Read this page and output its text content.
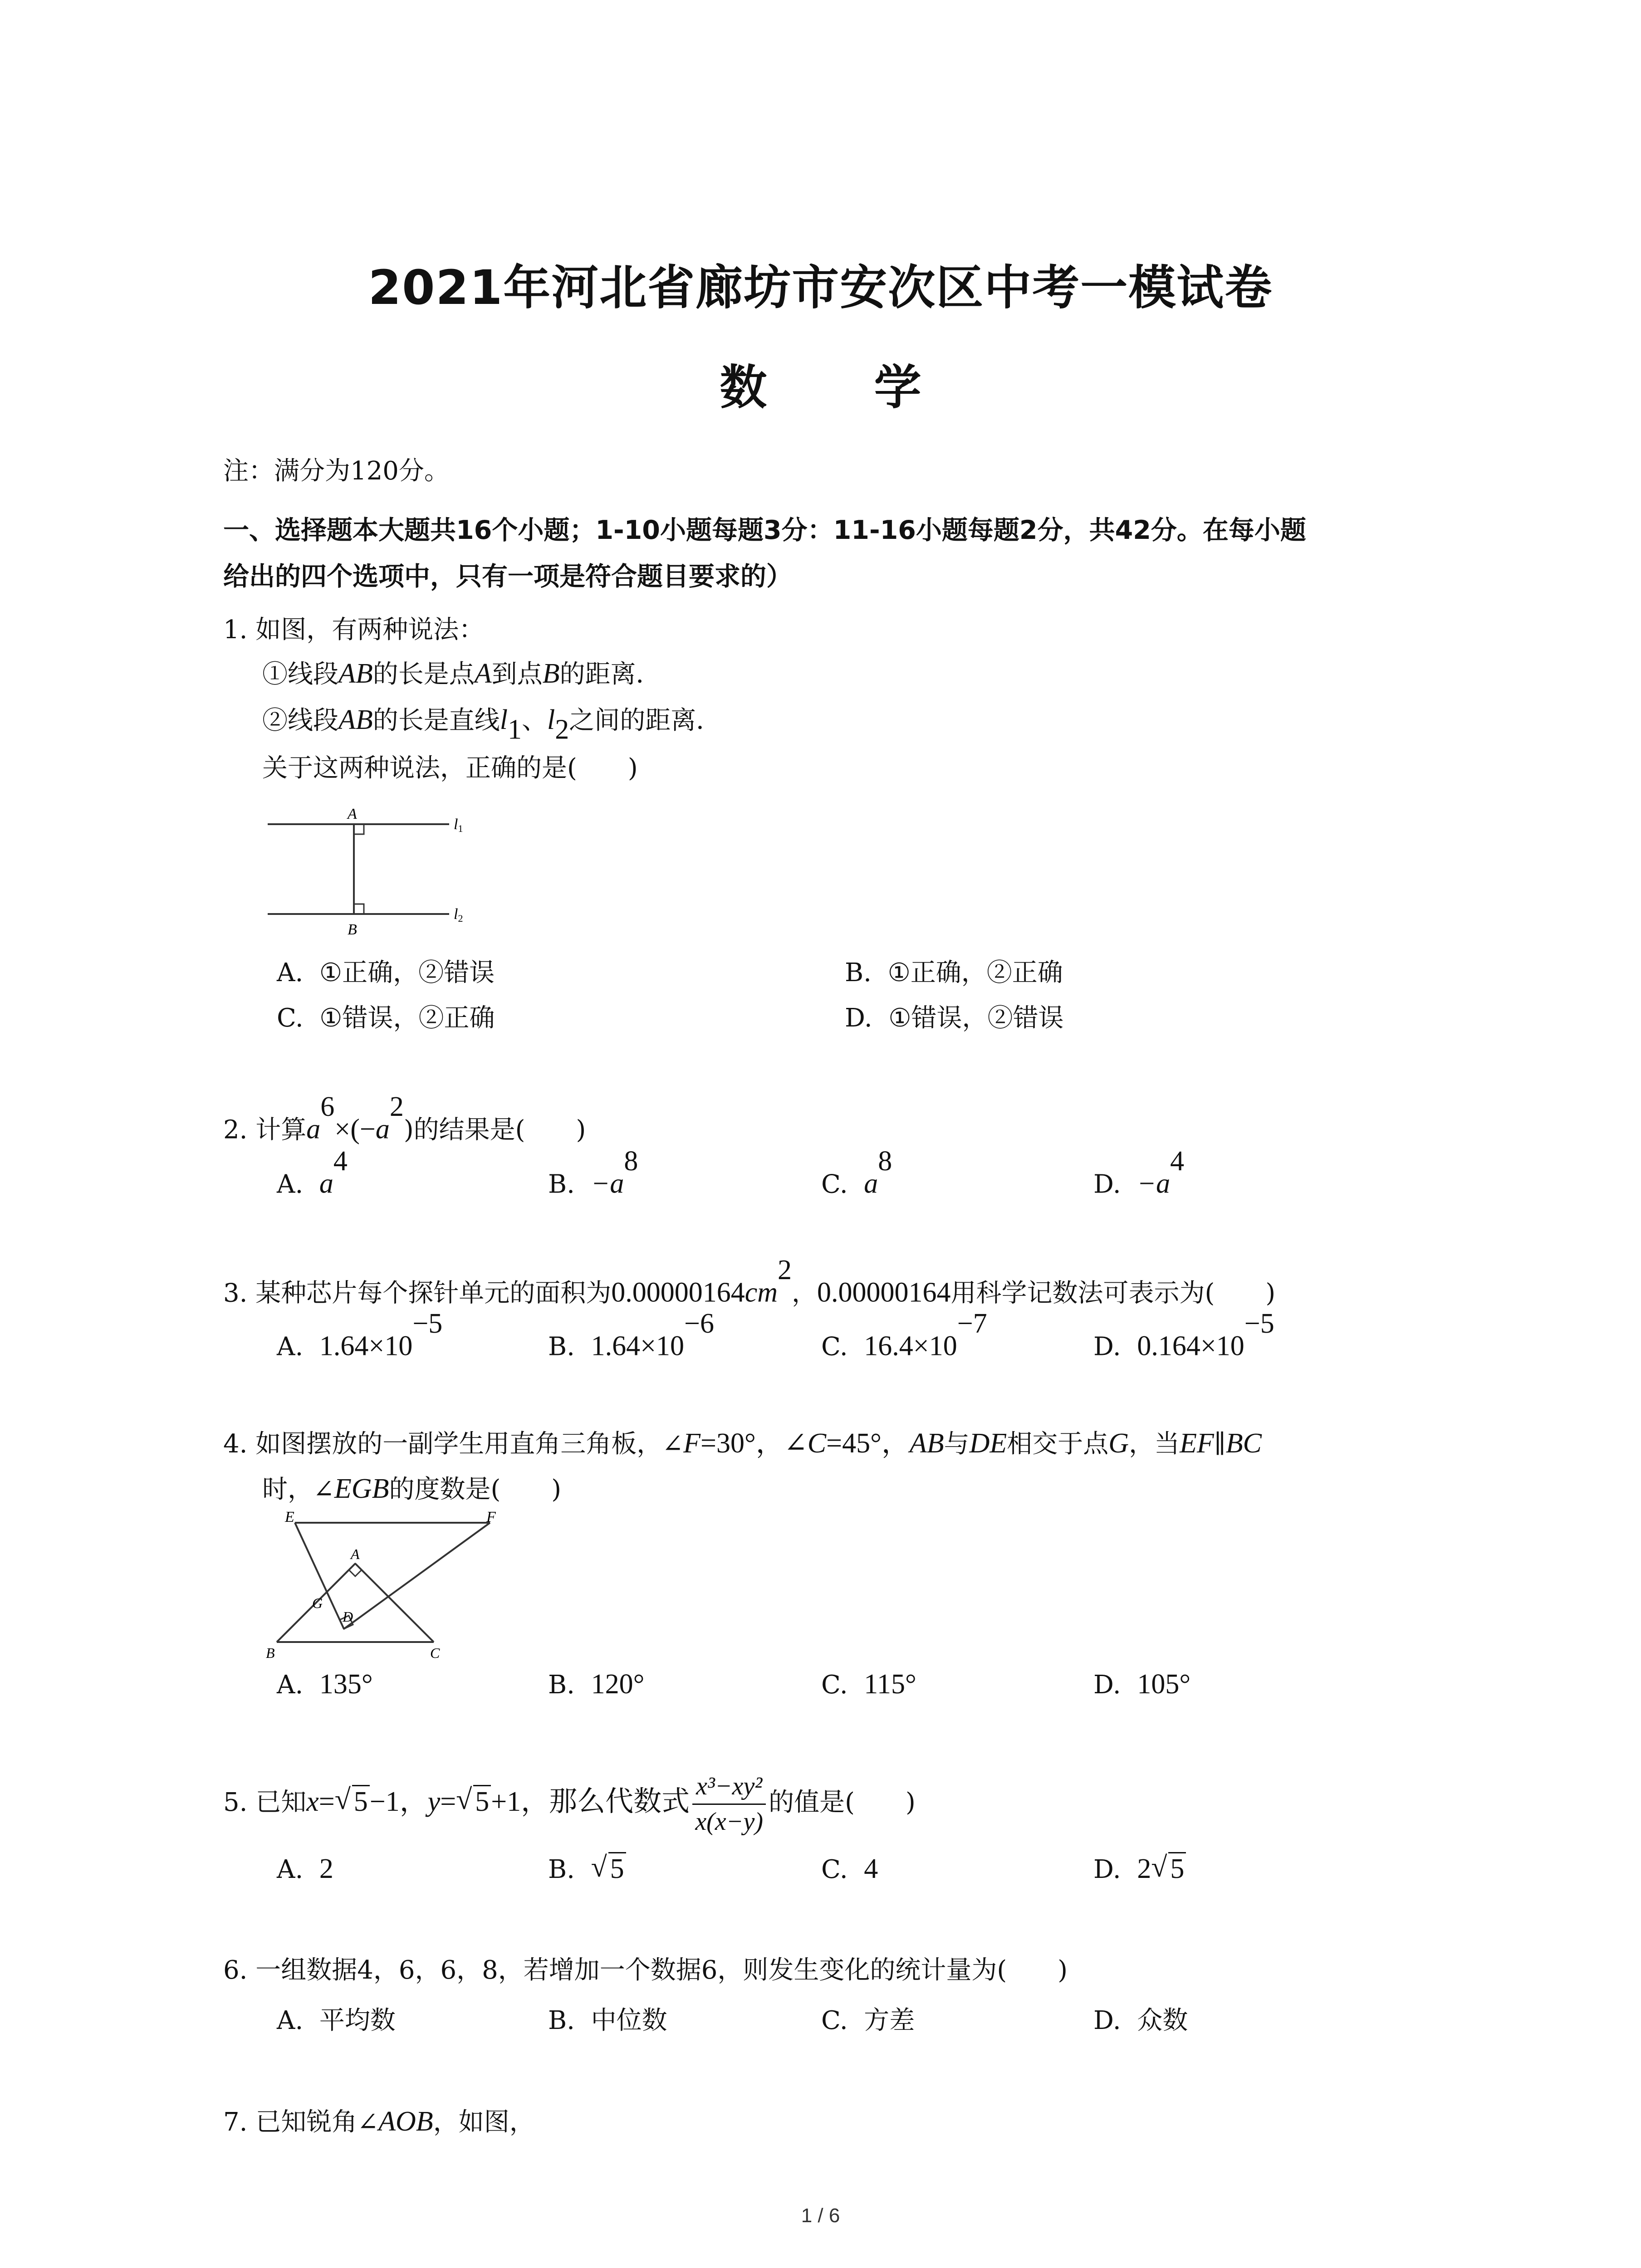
2021年河北省廊坊市安次区中考一模试卷
数 学
注：满分为120分。
一、选择题本大题共16个小题；1-10小题每题3分：11-16小题每题2分，共42分。在每小题
给出的四个选项中，只有一项是符合题目要求的）
1. 如图，有两种说法：
①线段AB的长是点A到点B的距离．
②线段AB的长是直线$l_1$、$l_2$之间的距离．
关于这两种说法，正确的是(　　)
A
B
l1
l2
A. ①正确，②错误	B. ①正确，②正确
C. ①错误，②正确	D. ①错误，②错误
2. 计算$a^6\times(-a^2)$的结果是(　　)
A. $a^4$
B. $-a^8$
C. $a^8$
D. $-a^4$
3. 某种芯片每个探针单元的面积为$0.00000164cm^2$，0.00000164用科学记数法可表示为(　　)
A. $1.64\times 10^{-5}$
B. $1.64\times 10^{-6}$
C. $16.4\times 10^{-7}$
D. $0.164\times 10^{-5}$
4. 如图摆放的一副学生用直角三角板，∠F=30°，∠C=45°，AB与DE相交于点G，当EF∥BC
时，∠EGB的度数是(　　)
E	F
A
G
D
B	C
A. 135°	B. 120°	C. 115°	D. 105°
5. 已知x= √ 5−1，y= √ 5+1，那么代数式 $\frac{\text{x³−xy²}}{x(x-y)}$ 的值是(　　)
A. 2	B. √ 5	C. 4	D. 2 √ 5
6. 一组数据4，6，6，8，若增加一个数据6，则发生变化的统计量为(　　)
A. 平均数	B. 中位数	C. 方差	D. 众数
7. 已知锐角∠AOB，如图，
1 / 6
